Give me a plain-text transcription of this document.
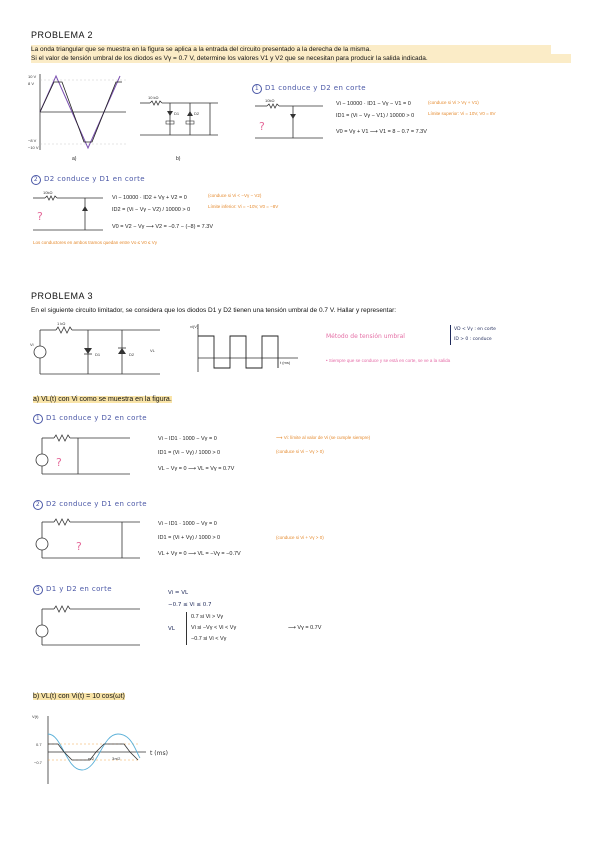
PROBLEMA 2
La onda triangular que se muestra en la figura se aplica a la entrada del circuito presentado a la derecha de la misma.
Si el valor de tensión umbral de los diodos es Vγ = 0.7 V, determine los valores V1 y V2 que se necesitan para producir la salida indicada.
10 V
8 V
−8 V
−10 V
a)
10 kΩ
D1	D2
b)
1 D1 conduce y D2 en corte
?
10kΩ
Vi − 10000 · ID1 − Vγ − V1 = 0
ID1 = (Vi − Vγ − V1) / 10000 > 0
V0 = Vγ + V1 ⟶ V1 = 8 − 0.7 = 7.3V
(conduce si Vi > Vγ + V1)
Límite superior: Vi = 10V, V0 = 8V
2 D2 conduce y D1 en corte
?
10kΩ
Vi − 10000 · ID2 + Vγ + V2 = 0
ID2 = (Vi − Vγ − V2) / 10000 > 0
V0 = V2 − Vγ ⟶ V2 = −0.7 − (−8) = 7.3V
(conduce si Vi < −Vγ − V2)
Límite inferior: Vi = −10V, V0 = −8V
Los conductores en ambos tramos quedan entre Vo ≤ V0 ≤ Vγ
PROBLEMA 3
En el siguiente circuito limitador, se considera que los diodos D1 y D2 tienen una tensión umbral de 0.7 V. Hallar y representar:
Vi
1 kΩ
D1	D2
VL
vi(V)
t (ms)
Método de tensión umbral
VD < Vγ : en corte
ID > 0 : conduce
• Siempre que se conduce y se está en corte, se ve a la salida
a) VL(t) con Vi como se muestra en la figura.
1 D1 conduce y D2 en corte
?
Vi − ID1 · 1000 − Vγ = 0
ID1 = (Vi − Vγ) / 1000 > 0
VL − Vγ = 0 ⟶ VL = Vγ = 0.7V
⟶ Vi: límite al valor de Vi (se cumple siempre)
(conduce si Vi − Vγ > 0)
2 D2 conduce y D1 en corte
?
Vi − ID1 · 1000 − Vγ = 0
ID1 = (Vi + Vγ) / 1000 > 0
VL + Vγ = 0 ⟶ VL = −Vγ = −0.7V
(conduce si Vi + Vγ > 0)
3 D1 y D2 en corte	Vi = VL
−0.7 ≤ Vi ≤ 0.7
VL
0.7 si Vi > Vγ
Vi si −Vγ < Vi < Vγ
−0.7 si Vi < Vγ
⟶ Vγ = 0.7V
b) VL(t) con Vi(t) = 10 cos(ωt)
V(t)
t (ms)
0.7
−0.7
π/2	3π/2
